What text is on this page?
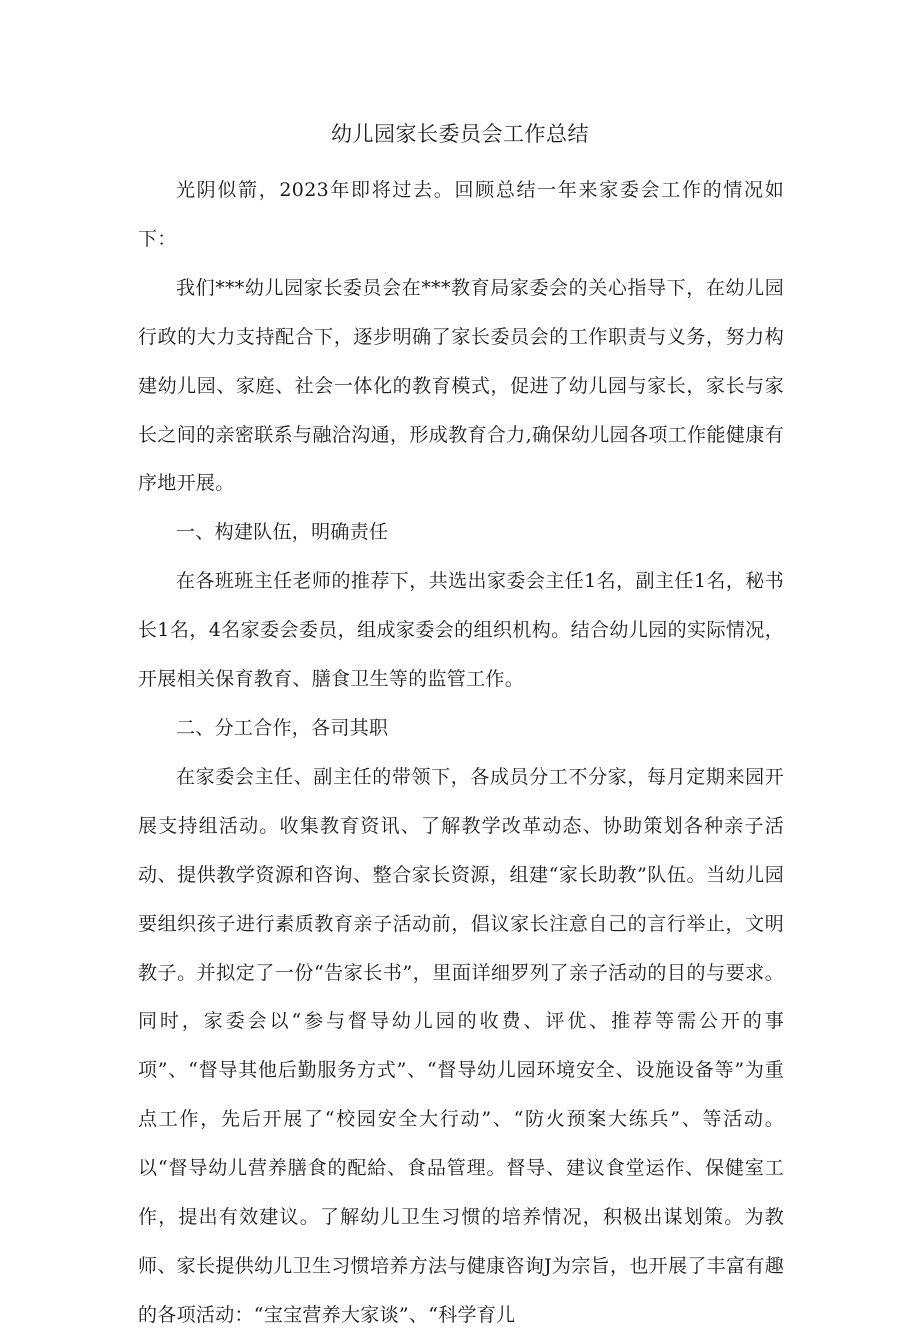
幼儿园家长委员会工作总结

光阴似箭，2023年即将过去。回顾总结一年来家委会工作的情况如下：

我们***幼儿园家长委员会在***教育局家委会的关心指导下，在幼儿园行政的大力支持配合下，逐步明确了家长委员会的工作职责与义务，努力构建幼儿园、家庭、社会一体化的教育模式，促进了幼儿园与家长，家长与家长之间的亲密联系与融洽沟通，形成教育合力,确保幼儿园各项工作能健康有序地开展。

一、构建队伍，明确责任

在各班班主任老师的推荐下，共选出家委会主任1名，副主任1名，秘书长1名，4名家委会委员，组成家委会的组织机构。结合幼儿园的实际情况，开展相关保育教育、膳食卫生等的监管工作。

二、分工合作，各司其职

在家委会主任、副主任的带领下，各成员分工不分家，每月定期来园开展支持组活动。收集教育资讯、了解教学改革动态、协助策划各种亲子活动、提供教学资源和咨询、整合家长资源，组建“家长助教”队伍。当幼儿园要组织孩子进行素质教育亲子活动前，倡议家长注意自己的言行举止，文明教子。并拟定了一份“告家长书”，里面详细罗列了亲子活动的目的与要求。同时，家委会以“参与督导幼儿园的收费、评优、推荐等需公开的事项”、“督导其他后勤服务方式”、“督导幼儿园环境安全、设施设备等”为重点工作，先后开展了“校园安全大行动”、“防火预案大练兵”、等活动。以“督导幼儿营养膳食的配給、食品管理。督导、建议食堂运作、保健室工作，提出有效建议。了解幼儿卫生习惯的培养情况，积极出谋划策。为教师、家长提供幼儿卫生习惯培养方法与健康咨询J为宗旨，也开展了丰富有趣的各项活动：“宝宝营养大家谈”、“科学育儿
